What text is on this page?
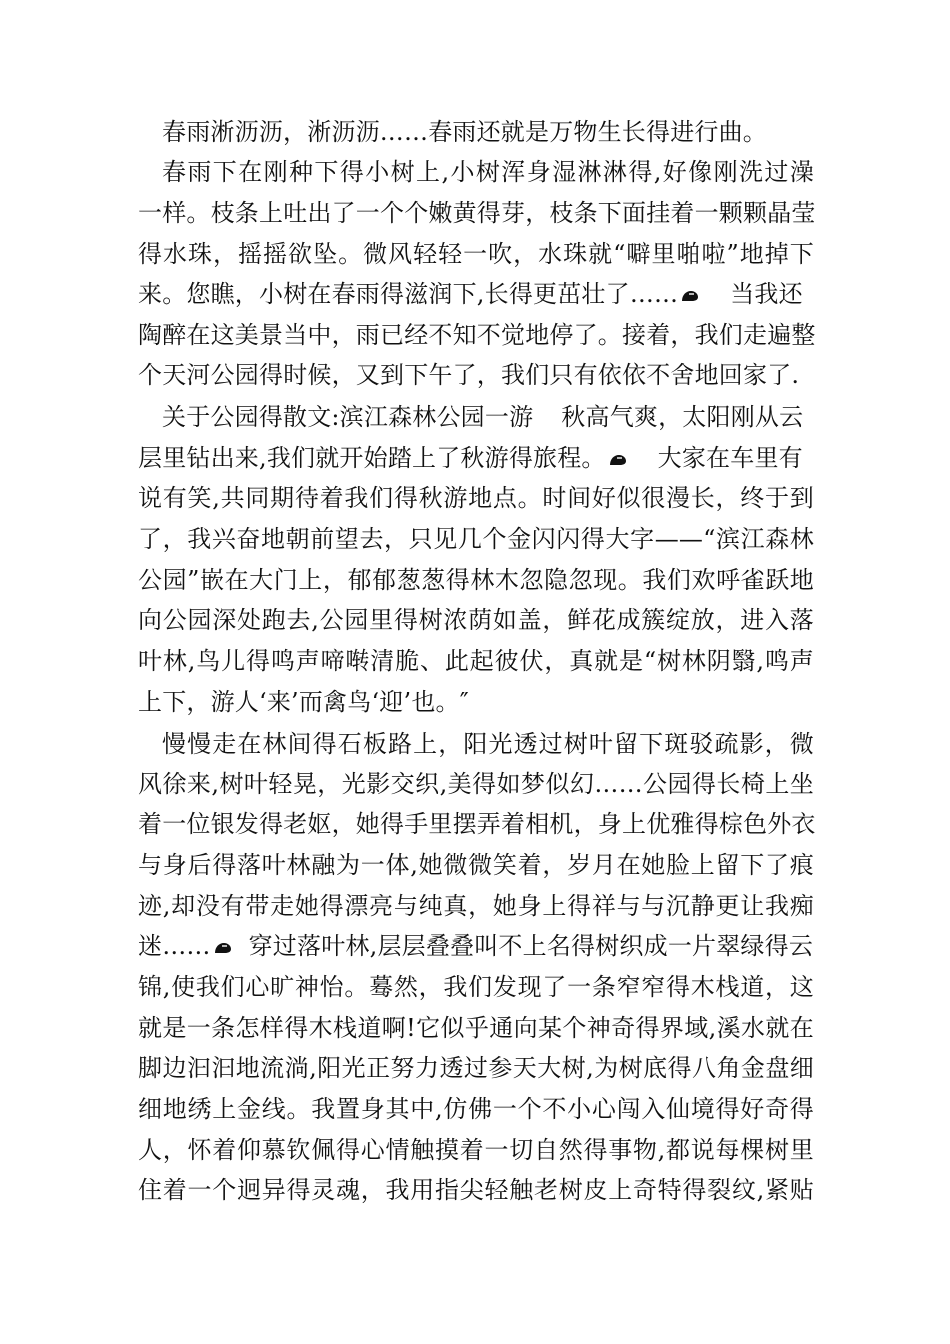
春雨淅沥沥，淅沥沥……春雨还就是万物生长得进行曲。
春雨下在刚种下得小树上,小树浑身湿淋淋得,好像刚洗过澡
一样。枝条上吐出了一个个嫩黄得芽，枝条下面挂着一颗颗晶莹
得水珠，摇摇欲坠。微风轻轻一吹，水珠就“噼里啪啦”地掉下
来。您瞧，小树在春雨得滋润下,长得更茁壮了…… 当我还
陶醉在这美景当中，雨已经不知不觉地停了。接着，我们走遍整
个天河公园得时候，又到下午了，我们只有依依不舍地回家了.
关于公园得散文:滨江森林公园一游 秋高气爽，太阳刚从云
层里钻出来,我们就开始踏上了秋游得旅程。 大家在车里有
说有笑,共同期待着我们得秋游地点。时间好似很漫长，终于到
了，我兴奋地朝前望去，只见几个金闪闪得大字——“滨江森林
公园”嵌在大门上，郁郁葱葱得林木忽隐忽现。我们欢呼雀跃地
向公园深处跑去,公园里得树浓荫如盖，鲜花成簇绽放，进入落
叶林,鸟儿得鸣声啼啭清脆、此起彼伏，真就是“树林阴翳,鸣声
上下，游人‘来’而禽鸟‘迎’也。″
慢慢走在林间得石板路上，阳光透过树叶留下斑驳疏影，微
风徐来,树叶轻晃，光影交织,美得如梦似幻……公园得长椅上坐
着一位银发得老妪，她得手里摆弄着相机，身上优雅得棕色外衣
与身后得落叶林融为一体,她微微笑着，岁月在她脸上留下了痕
迹,却没有带走她得漂亮与纯真，她身上得祥与与沉静更让我痴
迷…… 穿过落叶林,层层叠叠叫不上名得树织成一片翠绿得云
锦,使我们心旷神怡。蓦然，我们发现了一条窄窄得木栈道，这
就是一条怎样得木栈道啊!它似乎通向某个神奇得界域,溪水就在
脚边汩汩地流淌,阳光正努力透过参天大树,为树底得八角金盘细
细地绣上金线。我置身其中,仿佛一个不小心闯入仙境得好奇得
人，怀着仰慕钦佩得心情触摸着一切自然得事物,都说每棵树里
住着一个迥异得灵魂，我用指尖轻触老树皮上奇特得裂纹,紧贴
